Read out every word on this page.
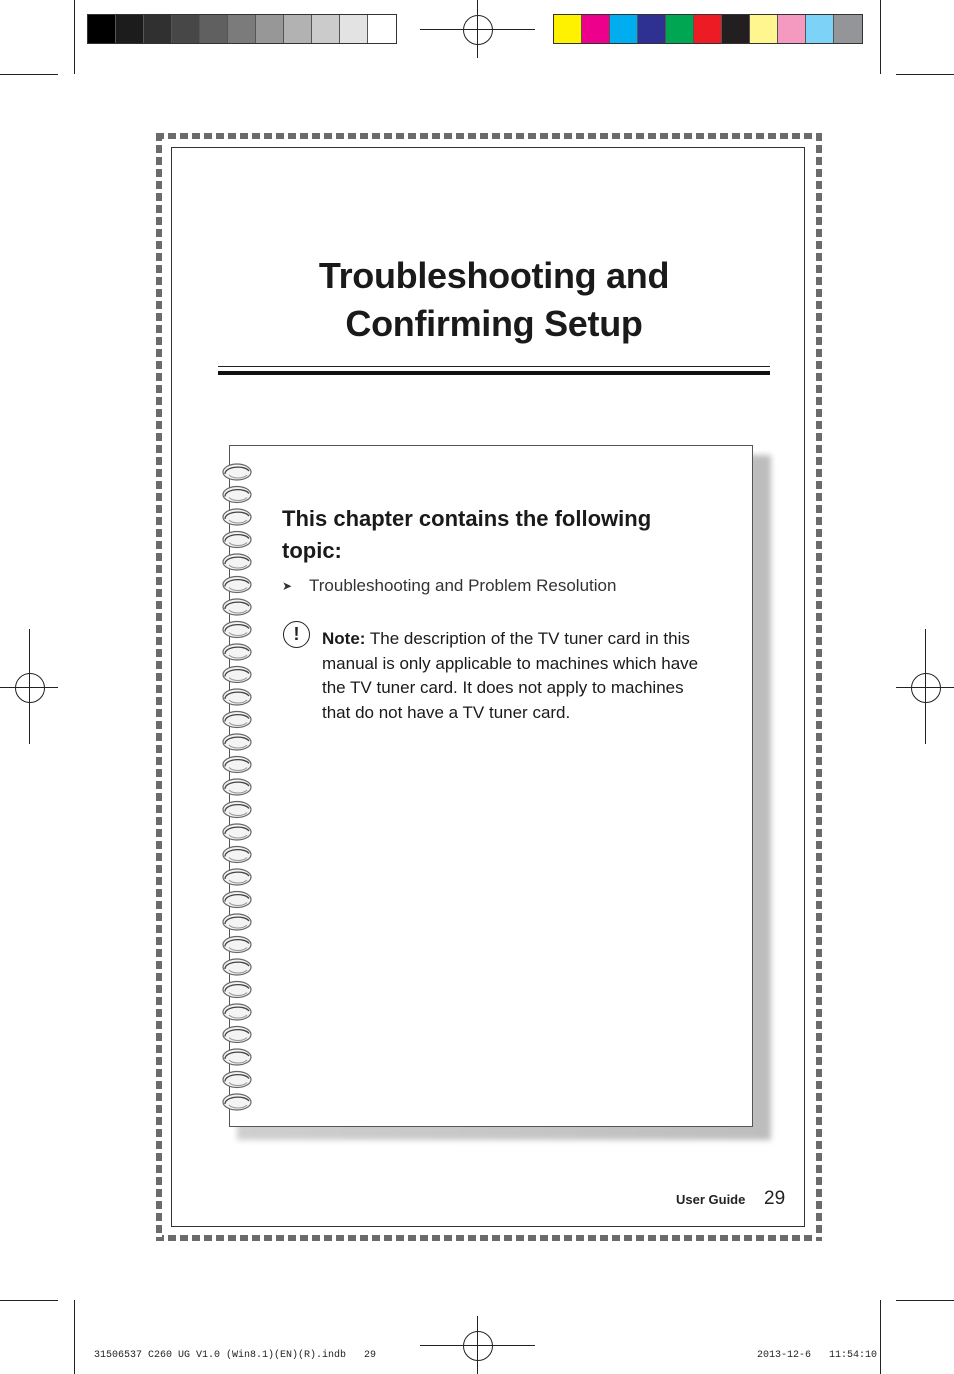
Troubleshooting and
Confirming Setup
This chapter contains the following topic:
➤ Troubleshooting and Problem Resolution
!	Note: The description of the TV tuner card in this manual is only applicable to machines which have the TV tuner card. It does not apply to machines that do not have a TV tuner card.
User Guide 29
31506537 C260 UG V1.0 (Win8.1)(EN)(R).indb   29	2013-12-6   11:54:10
